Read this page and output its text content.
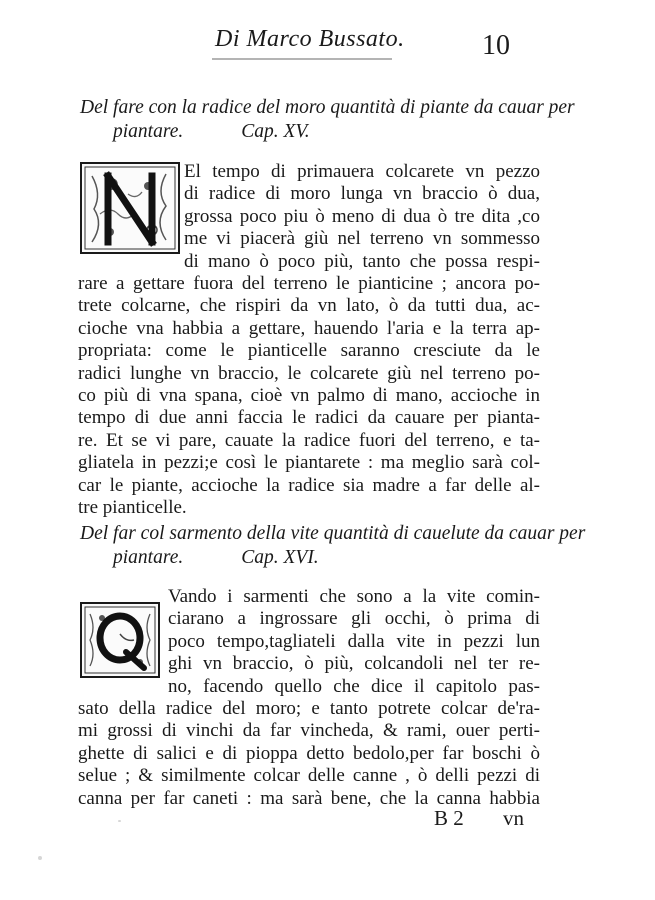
Di Marco Bussato.	10
Del fare con la radice del moro quantità di piante da cauar per
piantare.	Cap. XV.
El tempo di primauera colcarete vn pezzo
di radice di moro lunga vn braccio ò dua,
grossa poco piu ò meno di dua ò tre dita ,co
me vi piacerà giù nel terreno vn sommesso
di mano ò poco più, tanto che possa respi-
rare a gettare fuora del terreno le pianticine ; ancora po-
trete colcarne, che rispiri da vn lato, ò da tutti dua, ac-
cioche vna habbia a gettare, hauendo l'aria e la terra ap-
propriata: come le pianticelle saranno cresciute da le
radici lunghe vn braccio, le colcarete giù nel terreno po-
co più di vna spana, cioè vn palmo di mano, accioche in
tempo di due anni faccia le radici da cauare per pianta-
re. Et se vi pare, cauate la radice fuori del terreno, e ta-
gliatela in pezzi;e così le piantarete : ma meglio sarà col-
car le piante, accioche la radice sia madre a far delle al-
tre pianticelle.
Del far col sarmento della vite quantità di cauelute da cauar per
piantare.	Cap. XVI.
Vando i sarmenti che sono a la vite comin-
ciarano a ingrossare gli occhi, ò prima di
poco tempo,tagliateli dalla vite in pezzi lun
ghi vn braccio, ò più, colcandoli nel ter re-
no, facendo quello che dice il capitolo pas-
sato della radice del moro; e tanto potrete colcar de'ra-
mi grossi di vinchi da far vincheda, & rami, ouer perti-
ghette di salici e di pioppa detto bedolo,per far boschi ò
selue ; & similmente colcar delle canne , ò delli pezzi di
canna per far caneti : ma sarà bene, che la canna habbia
B 2 vn
